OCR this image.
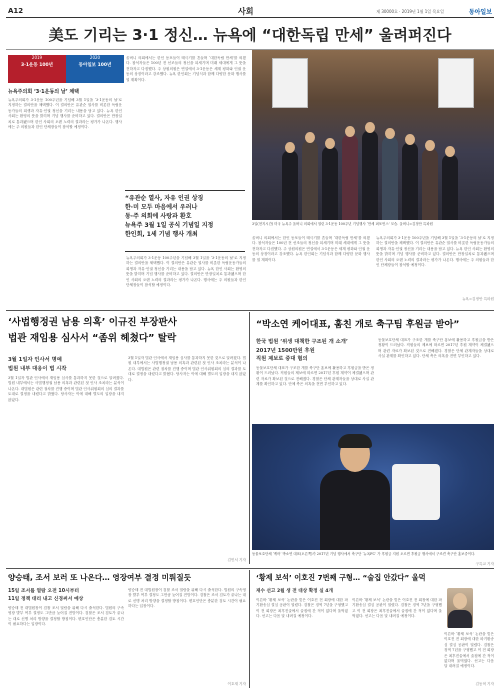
A12	사회	제 30000호 · 2019년 1월 1일 목요일	동아일보
美도 기리는 3·1 정신… 뉴욕에 “대한독립 만세” 울려퍼진다
2019
3·1운동 100년
2020
동아일보 100년
뉴욕주의회 ‘3·1운동의 날’ 채택
뉴욕주의회가 3·1운동 100주년을 기념해 3월 1일을 ‘3·1운동의 날’로 지정하는 결의안을 채택했다. 이 결의안은 유관순 열사를 비롯한 독립운동가들의 희생과 자유·인권 정신을 기리는 내용을 담고 있다. 뉴욕 한인 사회는 환영의 뜻을 밝히며 기념 행사를 준비하고 있다. 결의안은 만장일치로 통과됐으며 한인 사회의 오랜 노력의 결과라는 평가가 나온다. 행사에는 주 의원들과 한인 단체장들이 참석할 예정이다.
올버니 의회에서는 한인 동포들이 태극기를 흔들며 ‘대한독립 만세’를 외쳤다. 참석자들은 100년 전 선조들의 정신을 되새기며 미래 세대에게 그 뜻을 전하자고 다짐했다. 주 상원의원은 연설에서 3·1운동은 세계 평화와 인권 운동의 상징이라고 강조했다. 뉴욕 한인회는 기념식과 함께 다양한 문화 행사를 열 계획이다.
“유관순 열사, 자유 인권 상징
한·미 모두 마음에서 우러나
동·주 의회에 사랑과 환호
뉴욕주 3월 1일 공식 기념일 지정
한인회, 1세 기념 행사 개최
뉴욕주의회가 3·1운동 100주년을 기념해 3월 1일을 ‘3·1운동의 날’로 지정하는 결의안을 채택했다. 이 결의안은 유관순 열사를 비롯한 독립운동가들의 희생과 자유·인권 정신을 기리는 내용을 담고 있다. 뉴욕 한인 사회는 환영의 뜻을 밝히며 기념 행사를 준비하고 있다. 결의안은 만장일치로 통과됐으며 한인 사회의 오랜 노력의 결과라는 평가가 나온다. 행사에는 주 의원들과 한인 단체장들이 참석할 예정이다.
3일(현지시간) 미국 뉴욕주 올버니 의회에서 열린 3·1운동 100주년 기념행사 ‘만세 퍼포먼스’ 모습. 올버니=김정안 특파원
올버니 의회에서는 한인 동포들이 태극기를 흔들며 ‘대한독립 만세’를 외쳤다. 참석자들은 100년 전 선조들의 정신을 되새기며 미래 세대에게 그 뜻을 전하자고 다짐했다. 주 상원의원은 연설에서 3·1운동은 세계 평화와 인권 운동의 상징이라고 강조했다. 뉴욕 한인회는 기념식과 함께 다양한 문화 행사를 열 계획이다.
뉴욕주의회가 3·1운동 100주년을 기념해 3월 1일을 ‘3·1운동의 날’로 지정하는 결의안을 채택했다. 이 결의안은 유관순 열사를 비롯한 독립운동가들의 희생과 자유·인권 정신을 기리는 내용을 담고 있다. 뉴욕 한인 사회는 환영의 뜻을 밝히며 기념 행사를 준비하고 있다. 결의안은 만장일치로 통과됐으며 한인 사회의 오랜 노력의 결과라는 평가가 나온다. 행사에는 주 의원들과 한인 단체장들이 참석할 예정이다.
뉴욕=김정안 특파원
‘사법행정권 남용 의혹’ 이규진 부장판사
법관 재임용 심사서 “좀위 헤쳤다” 탈락
3월 1일자 인사서 명예
법원 내부 대응이 법 시작
3월 1일자 법관 인사에서 재임용 심사를 통과하지 못한 것으로 알려졌다. 법원 내부에서는 사법행정권 남용 의혹과 관련된 첫 인사 조치라는 분석이 나온다. 대법원은 관련 절차를 진행 중이며 법관 인사위원회의 심의 결과를 토대로 결정을 내렸다고 밝혔다. 당사자는 이에 대해 별도의 입장을 내지 않았다.
3월 1일자 법관 인사에서 재임용 심사를 통과하지 못한 것으로 알려졌다. 법원 내부에서는 사법행정권 남용 의혹과 관련된 첫 인사 조치라는 분석이 나온다. 대법원은 관련 절차를 진행 중이며 법관 인사위원회의 심의 결과를 토대로 결정을 내렸다고 밝혔다. 당사자는 이에 대해 별도의 입장을 내지 않았다.
김민서 기자
“박소연 케어대표, 훔친 개로 축구팀 후원금 받아”
한국 법원 ‘위생 대책한 구조된 개 소개’
2017년 1500만원 후원
직원 제보로 중대 혐의
동물보호단체 대표가 구조한 개를 축구단 홍보에 활용하고 후원금을 받은 정황이 드러났다. 직원들의 제보에 따르면 2017년 후원 계약이 체결됐으며 관련 자료가 확보된 것으로 전해졌다. 경찰은 단체 관계자들을 상대로 사실 관계를 확인하고 있다. 단체 측은 의혹을 전면 부인하고 있다.
동물보호단체 대표가 구조한 개를 축구단 홍보에 활용하고 후원금을 받은 정황이 드러났다. 직원들의 제보에 따르면 2017년 후원 계약이 체결됐으며 관련 자료가 확보된 것으로 전해졌다. 경찰은 단체 관계자들을 상대로 사실 관계를 확인하고 있다. 단체 측은 의혹을 전면 부인하고 있다.
동물보호단체 ‘케어’ 박소연 대표(오른쪽)가 2017년 기념 행사에서 축구단 ‘뉴욕FC’ 가 후원금 지원 오르면 후원금 행사에서 구조견 축구단 홍보중이다.
구특교 기자
양승태, 조서 보러 또 나온다… 영장여부 결정 미뤄질듯
15일 조서를 열람 오전 10시부터
11일 정책 대리 내고 신경써서 예상
양승태 전 대법원장이 검찰 조서 열람을 위해 다시 출석한다. 법원의 구속영장 발부 여부 결정도 그만큼 늦어질 전망이다. 검찰은 조서 검토가 끝나는 대로 신병 처리 방향을 결정할 방침이다. 변호인단은 충분한 검토 시간이 필요하다는 입장이다.
양승태 전 대법원장이 검찰 조서 열람을 위해 다시 출석한다. 법원의 구속영장 발부 여부 결정도 그만큼 늦어질 전망이다. 검찰은 조서 검토가 끝나는 대로 신병 처리 방향을 결정할 방침이다. 변호인단은 충분한 검토 시간이 필요하다는 입장이다.
이호재 기자
‘황제 보석’ 이호진 7번째 구형… “술집 안갔다” 울먹
재수 선고 2월 생 전 대상 확정 실 4개
이른바 ‘황제 보석’ 논란을 빚은 이호진 전 회장에 대한 파기환송심 결심 공판이 열렸다. 검찰은 징역 7년을 구형했고 이 전 회장은 최후진술에서 술집에 간 적이 없다며 울먹였다. 선고는 다음 달 내려질 예정이다.
이른바 ‘황제 보석’ 논란을 빚은 이호진 전 회장에 대한 파기환송심 결심 공판이 열렸다. 검찰은 징역 7년을 구형했고 이 전 회장은 최후진술에서 술집에 간 적이 없다며 울먹였다. 선고는 다음 달 내려질 예정이다.
이른바 ‘황제 보석’ 논란을 빚은 이호진 전 회장에 대한 파기환송심 결심 공판이 열렸다. 검찰은 징역 7년을 구형했고 이 전 회장은 최후진술에서 술집에 간 적이 없다며 울먹였다. 선고는 다음 달 내려질 예정이다.
김동혁 기자
